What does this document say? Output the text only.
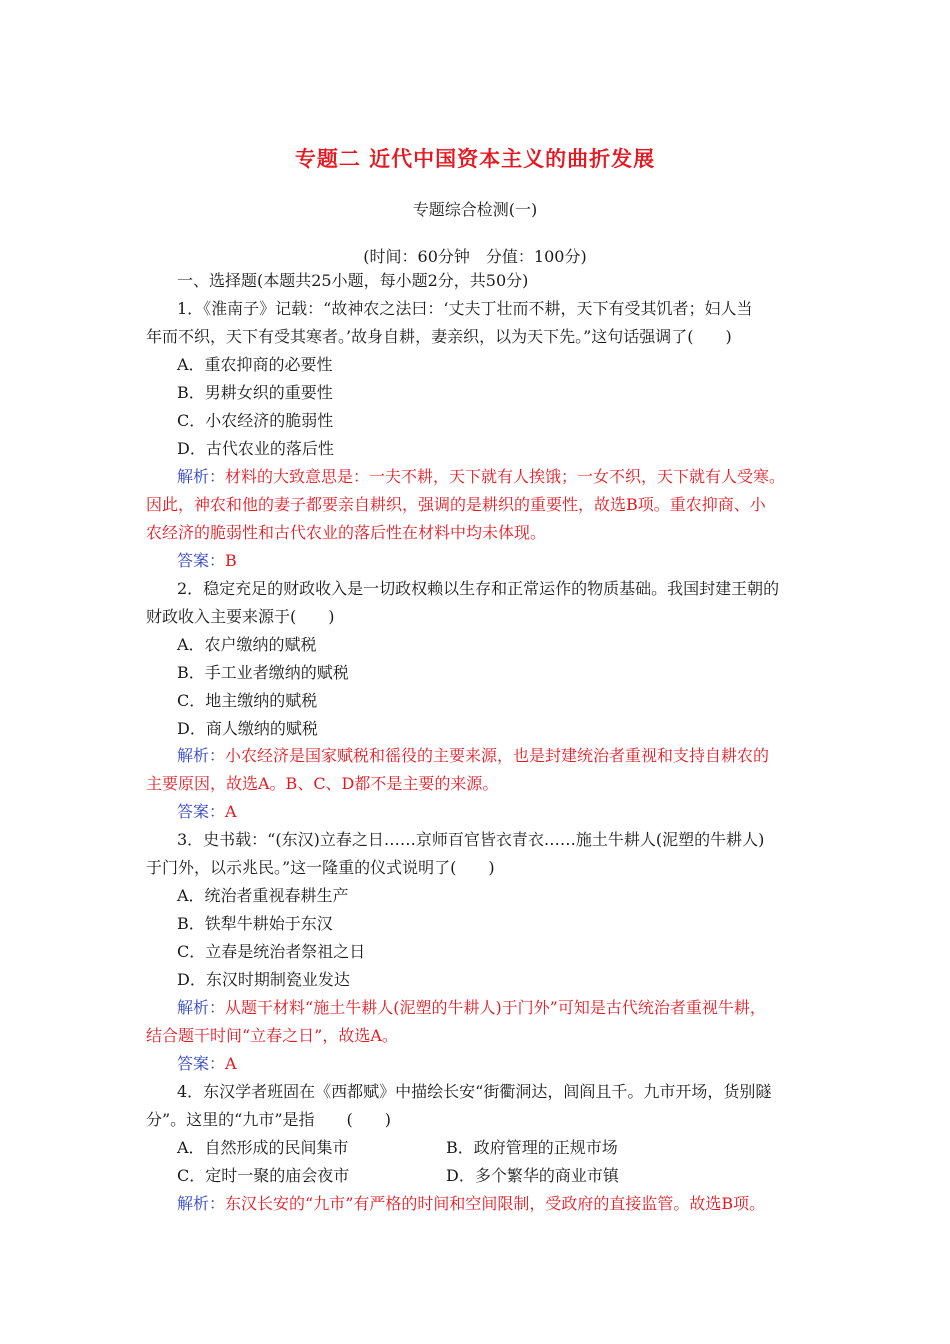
专题二 近代中国资本主义的曲折发展
专题综合检测(一)
(时间：60分钟　分值：100分)
一、选择题(本题共25小题，每小题2分，共50分)
1．《淮南子》记载：“故神农之法曰：‘丈夫丁壮而不耕，天下有受其饥者；妇人当
年而不织，天下有受其寒者。’故身自耕，妻亲织，以为天下先。”这句话强调了(　　)
A．重农抑商的必要性
B．男耕女织的重要性
C．小农经济的脆弱性
D．古代农业的落后性
解析：材料的大致意思是：一夫不耕，天下就有人挨饿；一女不织，天下就有人受寒。
因此，神农和他的妻子都要亲自耕织，强调的是耕织的重要性，故选B项。重农抑商、小
农经济的脆弱性和古代农业的落后性在材料中均未体现。
答案：B
2．稳定充足的财政收入是一切政权赖以生存和正常运作的物质基础。我国封建王朝的
财政收入主要来源于(　　)
A．农户缴纳的赋税
B．手工业者缴纳的赋税
C．地主缴纳的赋税
D．商人缴纳的赋税
解析：小农经济是国家赋税和徭役的主要来源，也是封建统治者重视和支持自耕农的
主要原因，故选A。B、C、D都不是主要的来源。
答案：A
3．史书载：“(东汉)立春之日……京师百官皆衣青衣……施土牛耕人(泥塑的牛耕人)
于门外，以示兆民。”这一隆重的仪式说明了(　　)
A．统治者重视春耕生产
B．铁犁牛耕始于东汉
C．立春是统治者祭祖之日
D．东汉时期制瓷业发达
解析：从题干材料“施土牛耕人(泥塑的牛耕人)于门外”可知是古代统治者重视牛耕，
结合题干时间“立春之日”，故选A。
答案：A
4．东汉学者班固在《西都赋》中描绘长安“街衢洞达，闾阎且千。九市开场，货别隧
分”。这里的“九市”是指　　(　　)
A．自然形成的民间集市	B．政府管理的正规市场
C．定时一聚的庙会夜市	D．多个繁华的商业市镇
解析：东汉长安的“九市”有严格的时间和空间限制，受政府的直接监管。故选B项。
